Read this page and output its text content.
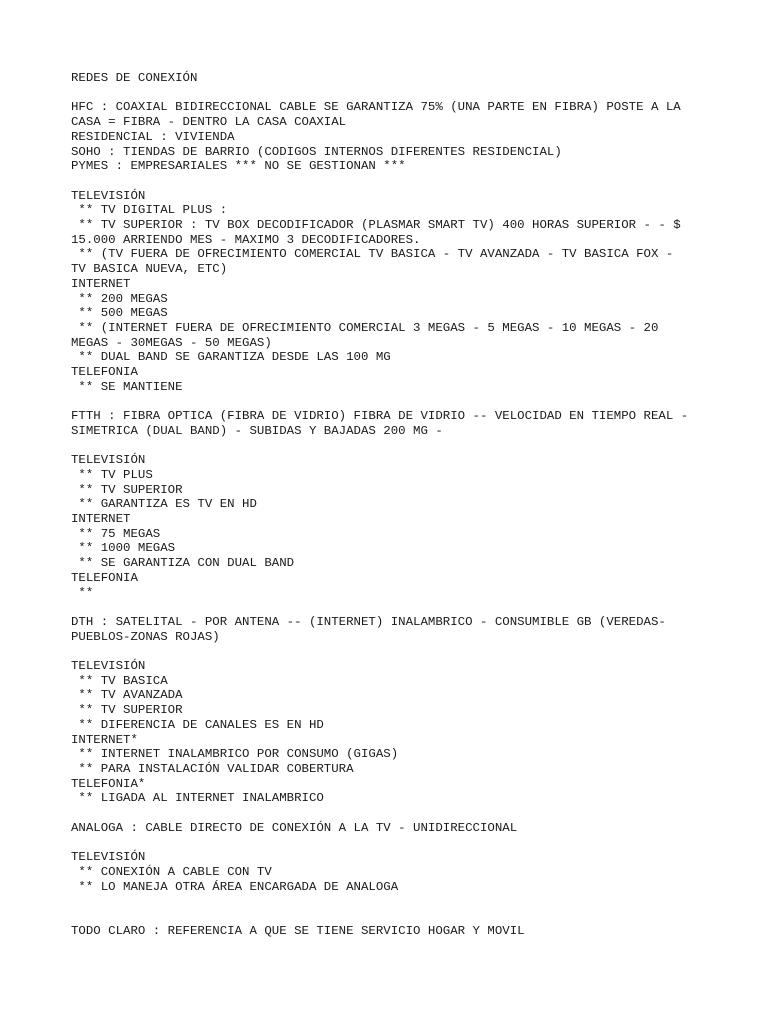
REDES DE CONEXIÓN
HFC : COAXIAL BIDIRECCIONAL CABLE SE GARANTIZA 75% (UNA PARTE EN FIBRA) POSTE A LA
CASA = FIBRA - DENTRO LA CASA COAXIAL
RESIDENCIAL : VIVIENDA
SOHO : TIENDAS DE BARRIO (CODIGOS INTERNOS DIFERENTES RESIDENCIAL)
PYMES : EMPRESARIALES *** NO SE GESTIONAN ***
TELEVISIÓN
** TV DIGITAL PLUS :
** TV SUPERIOR : TV BOX DECODIFICADOR (PLASMAR SMART TV) 400 HORAS SUPERIOR - - $
15.000 ARRIENDO MES - MAXIMO 3 DECODIFICADORES.
** (TV FUERA DE OFRECIMIENTO COMERCIAL TV BASICA - TV AVANZADA - TV BASICA FOX -
TV BASICA NUEVA, ETC)
INTERNET
** 200 MEGAS
** 500 MEGAS
** (INTERNET FUERA DE OFRECIMIENTO COMERCIAL 3 MEGAS - 5 MEGAS - 10 MEGAS - 20
MEGAS - 30MEGAS - 50 MEGAS)
** DUAL BAND SE GARANTIZA DESDE LAS 100 MG
TELEFONIA
** SE MANTIENE
FTTH : FIBRA OPTICA (FIBRA DE VIDRIO) FIBRA DE VIDRIO -- VELOCIDAD EN TIEMPO REAL -
SIMETRICA (DUAL BAND) - SUBIDAS Y BAJADAS 200 MG -
TELEVISIÓN
** TV PLUS
** TV SUPERIOR
** GARANTIZA ES TV EN HD
INTERNET
** 75 MEGAS
** 1000 MEGAS
** SE GARANTIZA CON DUAL BAND
TELEFONIA
**
DTH : SATELITAL - POR ANTENA -- (INTERNET) INALAMBRICO - CONSUMIBLE GB (VEREDAS-
PUEBLOS-ZONAS ROJAS)
TELEVISIÓN
** TV BASICA
** TV AVANZADA
** TV SUPERIOR
** DIFERENCIA DE CANALES ES EN HD
INTERNET*
** INTERNET INALAMBRICO POR CONSUMO (GIGAS)
** PARA INSTALACIÓN VALIDAR COBERTURA
TELEFONIA*
** LIGADA AL INTERNET INALAMBRICO
ANALOGA : CABLE DIRECTO DE CONEXIÓN A LA TV - UNIDIRECCIONAL
TELEVISIÓN
** CONEXIÓN A CABLE CON TV
** LO MANEJA OTRA ÁREA ENCARGADA DE ANALOGA
TODO CLARO : REFERENCIA A QUE SE TIENE SERVICIO HOGAR Y MOVIL
